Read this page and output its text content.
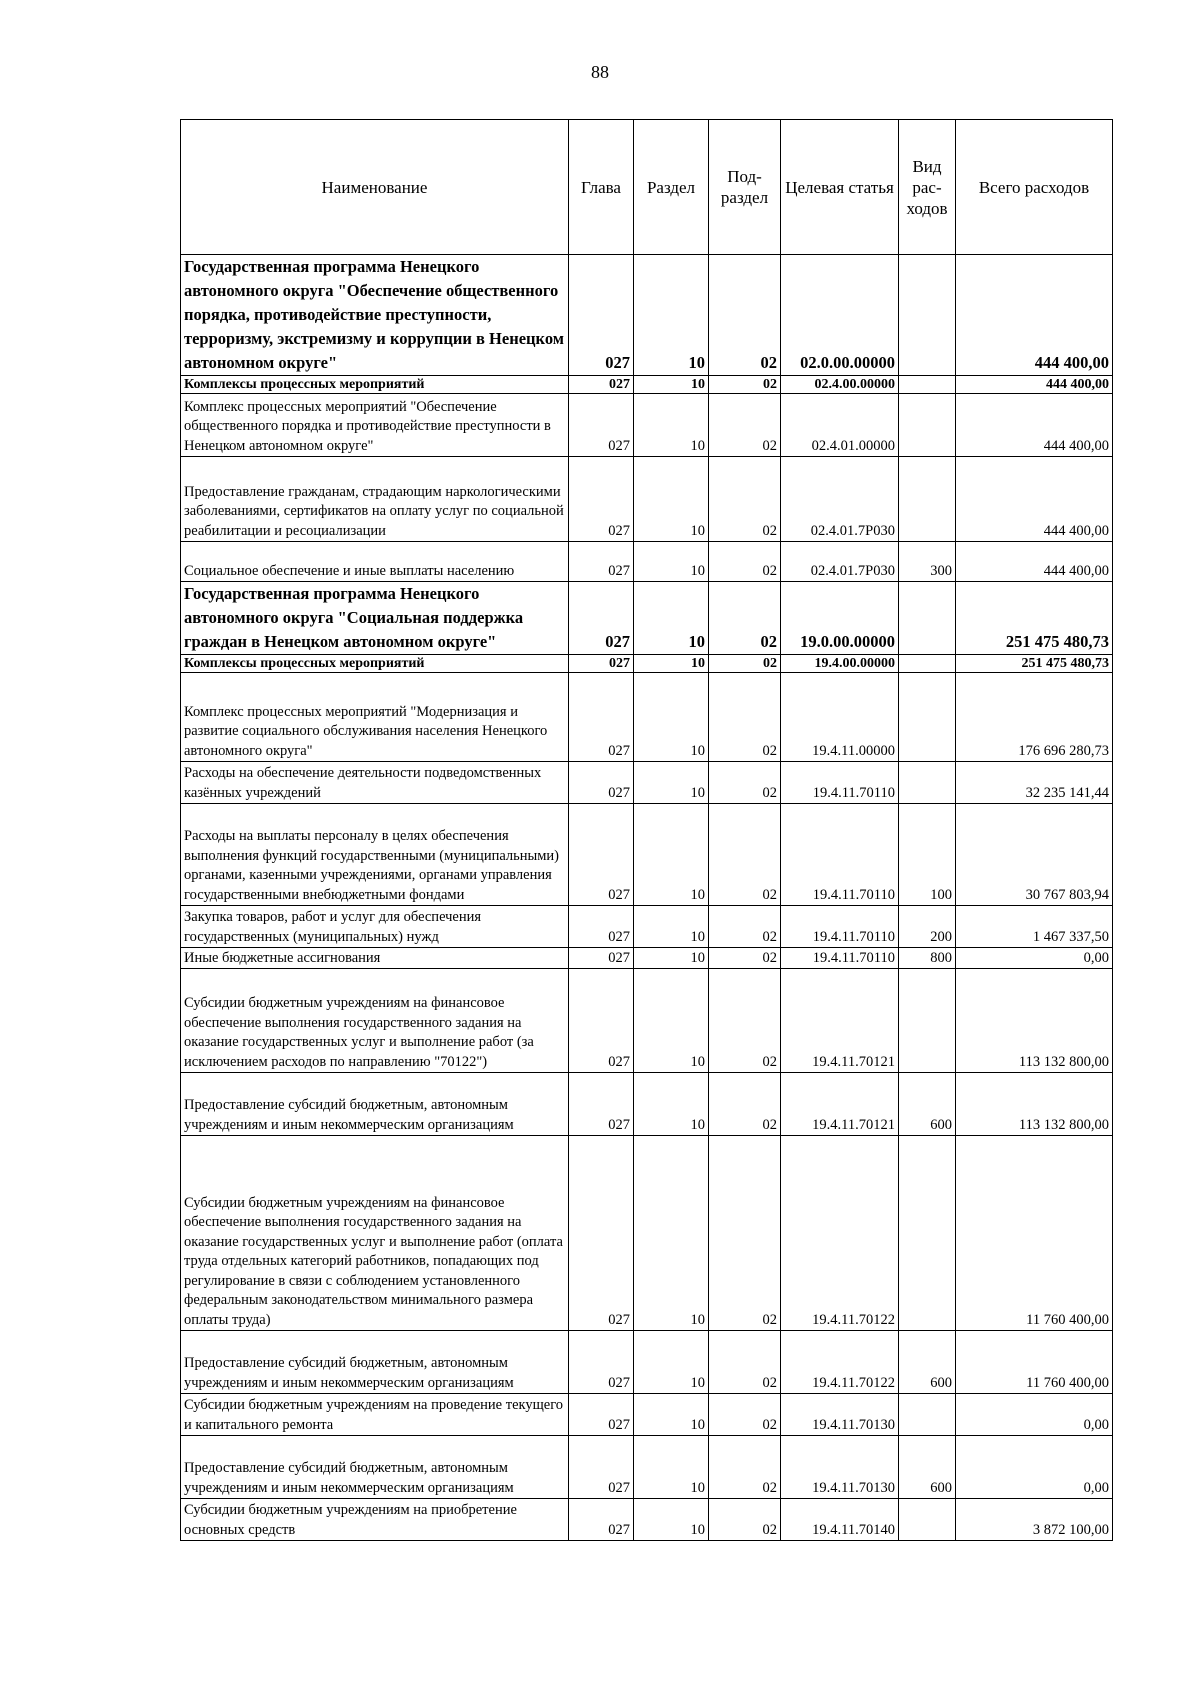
88
Наименование	Глава	Раздел	Под-раздел	Целевая статья	Вид рас-ходов	Всего расходов
Государственная программа Ненецкого автономного округа "Обеспечение общественного порядка, противодействие преступности, терроризму, экстремизму и коррупции в Ненецком автономном округе"	027	10	02	02.0.00.00000		444 400,00
Комплексы процессных мероприятий	027	10	02	02.4.00.00000		444 400,00
Комплекс процессных мероприятий "Обеспечение общественного порядка и противодействие преступности в Ненецком автономном округе"	027	10	02	02.4.01.00000		444 400,00
Предоставление гражданам, страдающим наркологическими заболеваниями, сертификатов на оплату услуг по социальной реабилитации и ресоциализации	027	10	02	02.4.01.7P030		444 400,00
Социальное обеспечение и иные выплаты населению	027	10	02	02.4.01.7P030	300	444 400,00
Государственная программа Ненецкого автономного округа "Социальная поддержка граждан в Ненецком автономном округе"	027	10	02	19.0.00.00000		251 475 480,73
Комплексы процессных мероприятий	027	10	02	19.4.00.00000		251 475 480,73
Комплекс процессных мероприятий "Модернизация и развитие социального обслуживания населения Ненецкого автономного округа"	027	10	02	19.4.11.00000		176 696 280,73
Расходы на обеспечение деятельности подведомственных казённых учреждений	027	10	02	19.4.11.70110		32 235 141,44
Расходы на выплаты персоналу в целях обеспечения выполнения функций государственными (муниципальными) органами, казенными учреждениями, органами управления государственными внебюджетными фондами	027	10	02	19.4.11.70110	100	30 767 803,94
Закупка товаров, работ и услуг для обеспечения государственных (муниципальных) нужд	027	10	02	19.4.11.70110	200	1 467 337,50
Иные бюджетные ассигнования	027	10	02	19.4.11.70110	800	0,00
Субсидии бюджетным учреждениям на финансовое обеспечение выполнения государственного задания на оказание государственных услуг и выполнение работ (за исключением расходов по направлению "70122")	027	10	02	19.4.11.70121		113 132 800,00
Предоставление субсидий бюджетным, автономным учреждениям и иным некоммерческим организациям	027	10	02	19.4.11.70121	600	113 132 800,00
Субсидии бюджетным учреждениям на финансовое обеспечение выполнения государственного задания на оказание государственных услуг и выполнение работ (оплата труда отдельных категорий работников, попадающих под регулирование в связи с соблюдением установленного федеральным законодательством минимального размера оплаты труда)	027	10	02	19.4.11.70122		11 760 400,00
Предоставление субсидий бюджетным, автономным учреждениям и иным некоммерческим организациям	027	10	02	19.4.11.70122	600	11 760 400,00
Субсидии бюджетным учреждениям на проведение текущего и капитального ремонта	027	10	02	19.4.11.70130		0,00
Предоставление субсидий бюджетным, автономным учреждениям и иным некоммерческим организациям	027	10	02	19.4.11.70130	600	0,00
Субсидии бюджетным учреждениям на приобретение основных средств	027	10	02	19.4.11.70140		3 872 100,00
